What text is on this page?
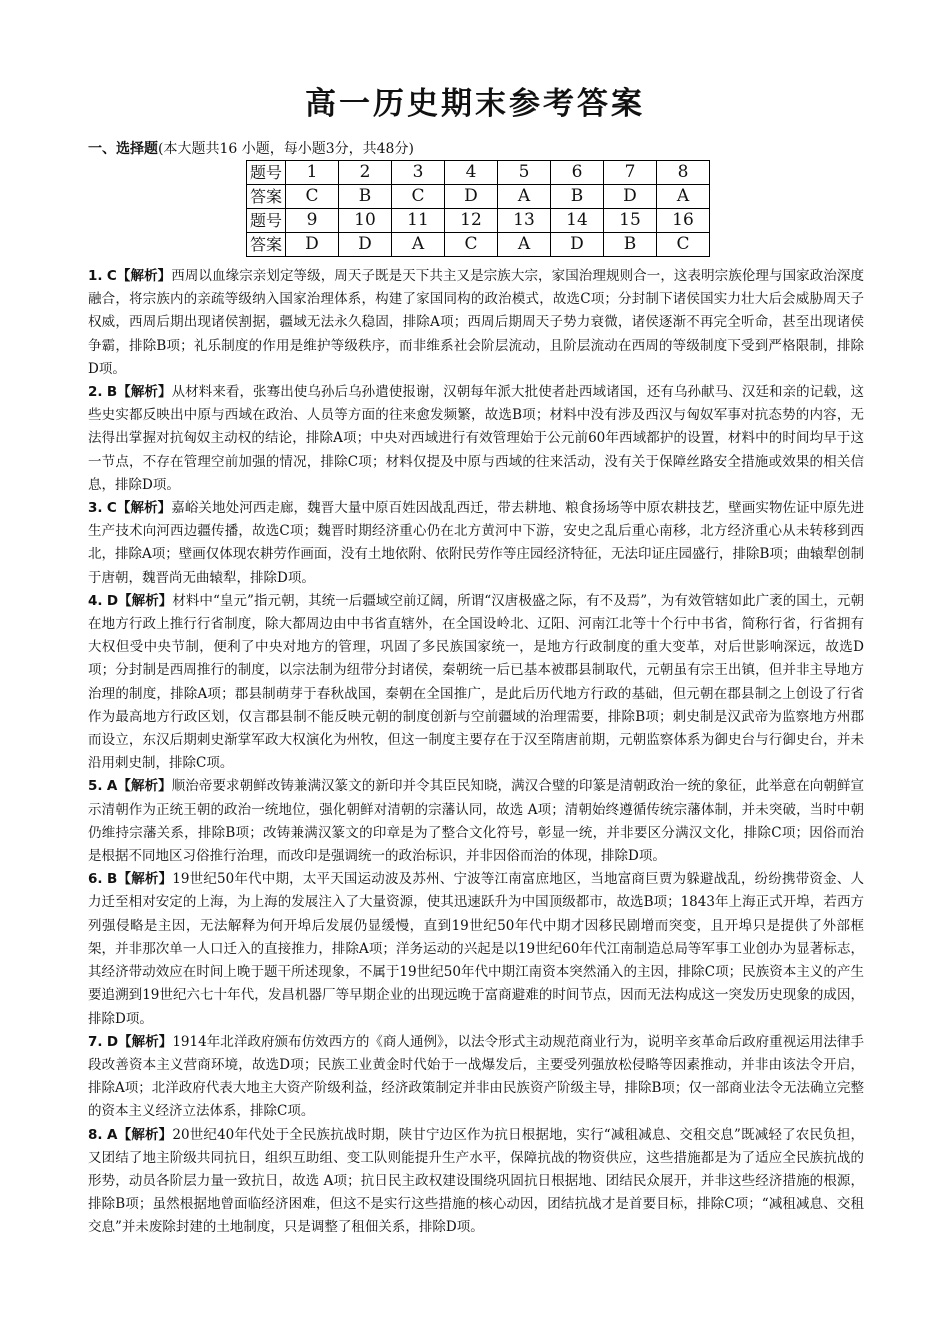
高一历史期末参考答案
一、选择题(本大题共16 小题，每小题3分，共48分)
题号	1	2	3	4	5	6	7	8
答案	C	B	C	D	A	B	D	A
题号	9	10	11	12	13	14	15	16
答案	D	D	A	C	A	D	B	C

1. C【解析】西周以血缘宗亲划定等级，周天子既是天下共主又是宗族大宗，家国治理规则合一，这表明宗族伦理与国家政治深度融合，将宗族内的亲疏等级纳入国家治理体系，构建了家国同构的政治模式，故选C项；分封制下诸侯国实力壮大后会威胁周天子权威，西周后期出现诸侯割据，疆域无法永久稳固，排除A项；西周后期周天子势力衰微，诸侯逐渐不再完全听命，甚至出现诸侯争霸，排除B项；礼乐制度的作用是维护等级秩序，而非维系社会阶层流动，且阶层流动在西周的等级制度下受到严格限制，排除D项。

2. B【解析】从材料来看，张骞出使乌孙后乌孙遣使报谢，汉朝每年派大批使者赴西域诸国，还有乌孙献马、汉廷和亲的记载，这些史实都反映出中原与西域在政治、人员等方面的往来愈发频繁，故选B项；材料中没有涉及西汉与匈奴军事对抗态势的内容，无法得出掌握对抗匈奴主动权的结论，排除A项；中央对西域进行有效管理始于公元前60年西域都护的设置，材料中的时间均早于这一节点，不存在管理空前加强的情况，排除C项；材料仅提及中原与西域的往来活动，没有关于保障丝路安全措施或效果的相关信息，排除D项。

3. C【解析】嘉峪关地处河西走廊，魏晋大量中原百姓因战乱西迁，带去耕地、粮食扬场等中原农耕技艺，壁画实物佐证中原先进生产技术向河西边疆传播，故选C项；魏晋时期经济重心仍在北方黄河中下游，安史之乱后重心南移，北方经济重心从未转移到西北，排除A项；壁画仅体现农耕劳作画面，没有土地依附、依附民劳作等庄园经济特征，无法印证庄园盛行，排除B项；曲辕犁创制于唐朝，魏晋尚无曲辕犁，排除D项。

4. D【解析】材料中“皇元”指元朝，其统一后疆域空前辽阔，所谓“汉唐极盛之际，有不及焉”，为有效管辖如此广袤的国土，元朝在地方行政上推行行省制度，除大都周边由中书省直辖外，在全国设岭北、辽阳、河南江北等十个行中书省，简称行省，行省拥有大权但受中央节制，便利了中央对地方的管理，巩固了多民族国家统一，是地方行政制度的重大变革，对后世影响深远，故选D项；分封制是西周推行的制度，以宗法制为纽带分封诸侯，秦朝统一后已基本被郡县制取代，元朝虽有宗王出镇，但并非主导地方治理的制度，排除A项；郡县制萌芽于春秋战国，秦朝在全国推广，是此后历代地方行政的基础，但元朝在郡县制之上创设了行省作为最高地方行政区划，仅言郡县制不能反映元朝的制度创新与空前疆域的治理需要，排除B项；刺史制是汉武帝为监察地方州郡而设立，东汉后期刺史渐掌军政大权演化为州牧，但这一制度主要存在于汉至隋唐前期，元朝监察体系为御史台与行御史台，并未沿用刺史制，排除C项。

5. A【解析】顺治帝要求朝鲜改铸兼满汉篆文的新印并令其臣民知晓，满汉合璧的印篆是清朝政治一统的象征，此举意在向朝鲜宣示清朝作为正统王朝的政治一统地位，强化朝鲜对清朝的宗藩认同，故选 A项；清朝始终遵循传统宗藩体制，并未突破，当时中朝仍维持宗藩关系，排除B项；改铸兼满汉篆文的印章是为了整合文化符号，彰显一统，并非要区分满汉文化，排除C项；因俗而治是根据不同地区习俗推行治理，而改印是强调统一的政治标识，并非因俗而治的体现，排除D项。

6. B【解析】19世纪50年代中期，太平天国运动波及苏州、宁波等江南富庶地区，当地富商巨贾为躲避战乱，纷纷携带资金、人力迁至相对安定的上海，为上海的发展注入了大量资源，使其迅速跃升为中国顶级都市，故选B项；1843年上海正式开埠，若西方列强侵略是主因，无法解释为何开埠后发展仍显缓慢，直到19世纪50年代中期才因移民剧增而突变，且开埠只是提供了外部框架，并非那次单一人口迁入的直接推力，排除A项；洋务运动的兴起是以19世纪60年代江南制造总局等军事工业创办为显著标志，其经济带动效应在时间上晚于题干所述现象，不属于19世纪50年代中期江南资本突然涌入的主因，排除C项；民族资本主义的产生要追溯到19世纪六七十年代，发昌机器厂等早期企业的出现远晚于富商避难的时间节点，因而无法构成这一突发历史现象的成因，排除D项。

7. D【解析】1914年北洋政府颁布仿效西方的《商人通例》，以法令形式主动规范商业行为，说明辛亥革命后政府重视运用法律手段改善资本主义营商环境，故选D项；民族工业黄金时代始于一战爆发后，主要受列强放松侵略等因素推动，并非由该法令开启，排除A项；北洋政府代表大地主大资产阶级利益，经济政策制定并非由民族资产阶级主导，排除B项；仅一部商业法令无法确立完整的资本主义经济立法体系，排除C项。

8. A【解析】20世纪40年代处于全民族抗战时期，陕甘宁边区作为抗日根据地，实行“减租减息、交租交息”既减轻了农民负担，又团结了地主阶级共同抗日，组织互助组、变工队则能提升生产水平，保障抗战的物资供应，这些措施都是为了适应全民族抗战的形势，动员各阶层力量一致抗日，故选 A项；抗日民主政权建设围绕巩固抗日根据地、团结民众展开，并非这些经济措施的根源，排除B项；虽然根据地曾面临经济困难，但这不是实行这些措施的核心动因，团结抗战才是首要目标，排除C项；“减租减息、交租交息”并未废除封建的土地制度，只是调整了租佃关系，排除D项。
